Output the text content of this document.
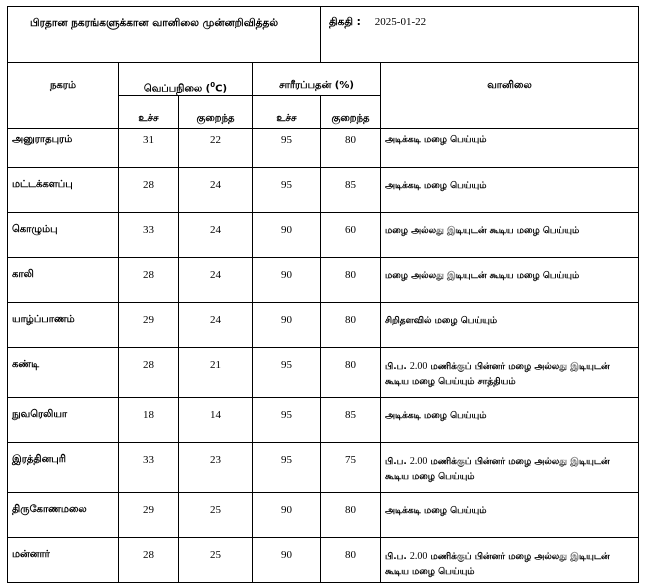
பிரதான நகரங்களுக்கான வானிலை முன்னறிவித்தல்				திகதி : 2025-01-22	
நகரம்	வெப்பநிலை ($^0$C)		சாரீரப்பதன் (%)		வானிலை
	உச்ச	குறைந்த	உச்ச	குறைந்த	
அனுராதபுரம்	31	22	95	80	அடிக்கடி மழை பெய்யும்
மட்டக்களப்பு	28	24	95	85	அடிக்கடி மழை பெய்யும்
கொழும்பு	33	24	90	60	மழை அல்லது இடியுடன் கூடிய மழை பெய்யும்
காலி	28	24	90	80	மழை அல்லது இடியுடன் கூடிய மழை பெய்யும்
யாழ்ப்பாணம்	29	24	90	80	சிறிதளவில் மழை பெய்யும்
கண்டி	28	21	95	80	பி.ப. 2.00 மணிக்குப் பின்னர் மழை அல்லது இடியுடன் கூடிய மழை பெய்யும் சாத்தியம்
நுவரெலியா	18	14	95	85	அடிக்கடி மழை பெய்யும்
இரத்தினபுரி	33	23	95	75	பி.ப. 2.00 மணிக்குப் பின்னர் மழை அல்லது இடியுடன் கூடிய மழை பெய்யும்
திருகோணமலை	29	25	90	80	அடிக்கடி மழை பெய்யும்
மன்னார்	28	25	90	80	பி.ப. 2.00 மணிக்குப் பின்னர் மழை அல்லது இடியுடன் கூடிய மழை பெய்யும்
